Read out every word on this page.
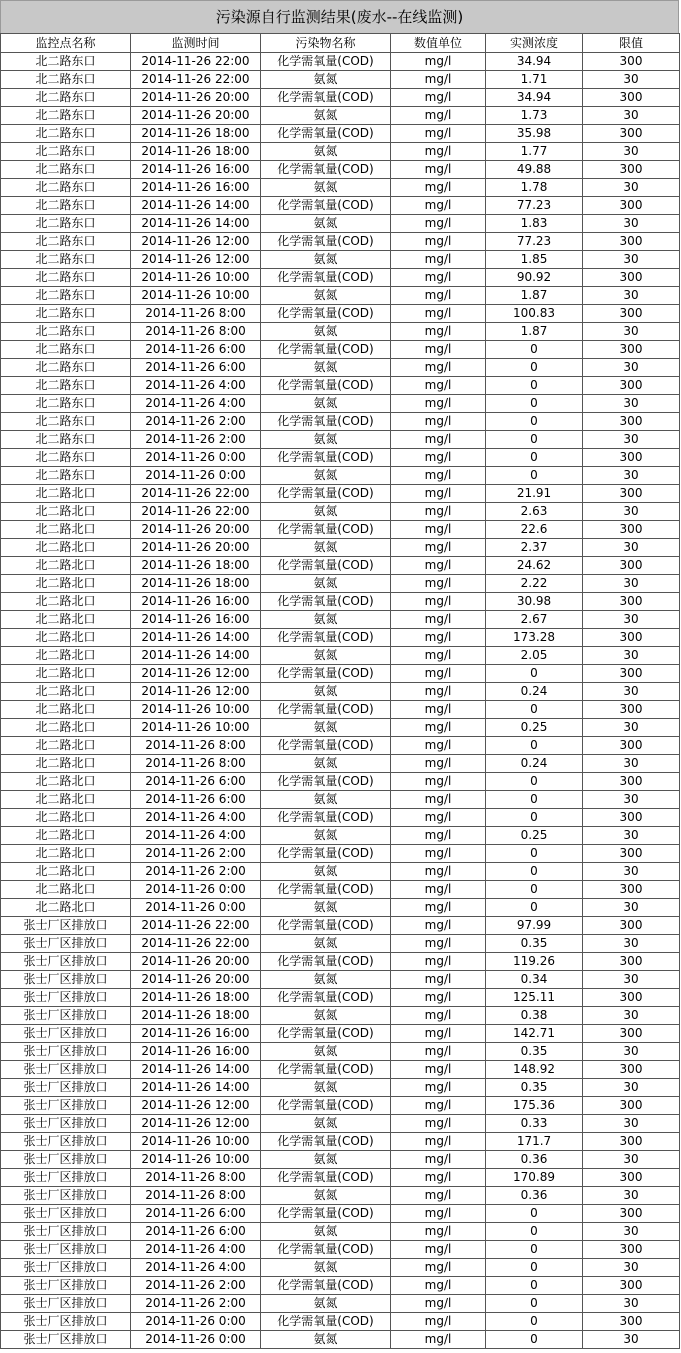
污染源自行监测结果(废水--在线监测)
监控点名称	监测时间	污染物名称	数值单位	实测浓度	限值
北二路东口	2014-11-26 22:00	化学需氧量(COD)	mg/l	34.94	300
北二路东口	2014-11-26 22:00	氨氮	mg/l	1.71	30
北二路东口	2014-11-26 20:00	化学需氧量(COD)	mg/l	34.94	300
北二路东口	2014-11-26 20:00	氨氮	mg/l	1.73	30
北二路东口	2014-11-26 18:00	化学需氧量(COD)	mg/l	35.98	300
北二路东口	2014-11-26 18:00	氨氮	mg/l	1.77	30
北二路东口	2014-11-26 16:00	化学需氧量(COD)	mg/l	49.88	300
北二路东口	2014-11-26 16:00	氨氮	mg/l	1.78	30
北二路东口	2014-11-26 14:00	化学需氧量(COD)	mg/l	77.23	300
北二路东口	2014-11-26 14:00	氨氮	mg/l	1.83	30
北二路东口	2014-11-26 12:00	化学需氧量(COD)	mg/l	77.23	300
北二路东口	2014-11-26 12:00	氨氮	mg/l	1.85	30
北二路东口	2014-11-26 10:00	化学需氧量(COD)	mg/l	90.92	300
北二路东口	2014-11-26 10:00	氨氮	mg/l	1.87	30
北二路东口	2014-11-26 8:00	化学需氧量(COD)	mg/l	100.83	300
北二路东口	2014-11-26 8:00	氨氮	mg/l	1.87	30
北二路东口	2014-11-26 6:00	化学需氧量(COD)	mg/l	0	300
北二路东口	2014-11-26 6:00	氨氮	mg/l	0	30
北二路东口	2014-11-26 4:00	化学需氧量(COD)	mg/l	0	300
北二路东口	2014-11-26 4:00	氨氮	mg/l	0	30
北二路东口	2014-11-26 2:00	化学需氧量(COD)	mg/l	0	300
北二路东口	2014-11-26 2:00	氨氮	mg/l	0	30
北二路东口	2014-11-26 0:00	化学需氧量(COD)	mg/l	0	300
北二路东口	2014-11-26 0:00	氨氮	mg/l	0	30
北二路北口	2014-11-26 22:00	化学需氧量(COD)	mg/l	21.91	300
北二路北口	2014-11-26 22:00	氨氮	mg/l	2.63	30
北二路北口	2014-11-26 20:00	化学需氧量(COD)	mg/l	22.6	300
北二路北口	2014-11-26 20:00	氨氮	mg/l	2.37	30
北二路北口	2014-11-26 18:00	化学需氧量(COD)	mg/l	24.62	300
北二路北口	2014-11-26 18:00	氨氮	mg/l	2.22	30
北二路北口	2014-11-26 16:00	化学需氧量(COD)	mg/l	30.98	300
北二路北口	2014-11-26 16:00	氨氮	mg/l	2.67	30
北二路北口	2014-11-26 14:00	化学需氧量(COD)	mg/l	173.28	300
北二路北口	2014-11-26 14:00	氨氮	mg/l	2.05	30
北二路北口	2014-11-26 12:00	化学需氧量(COD)	mg/l	0	300
北二路北口	2014-11-26 12:00	氨氮	mg/l	0.24	30
北二路北口	2014-11-26 10:00	化学需氧量(COD)	mg/l	0	300
北二路北口	2014-11-26 10:00	氨氮	mg/l	0.25	30
北二路北口	2014-11-26 8:00	化学需氧量(COD)	mg/l	0	300
北二路北口	2014-11-26 8:00	氨氮	mg/l	0.24	30
北二路北口	2014-11-26 6:00	化学需氧量(COD)	mg/l	0	300
北二路北口	2014-11-26 6:00	氨氮	mg/l	0	30
北二路北口	2014-11-26 4:00	化学需氧量(COD)	mg/l	0	300
北二路北口	2014-11-26 4:00	氨氮	mg/l	0.25	30
北二路北口	2014-11-26 2:00	化学需氧量(COD)	mg/l	0	300
北二路北口	2014-11-26 2:00	氨氮	mg/l	0	30
北二路北口	2014-11-26 0:00	化学需氧量(COD)	mg/l	0	300
北二路北口	2014-11-26 0:00	氨氮	mg/l	0	30
张士厂区排放口	2014-11-26 22:00	化学需氧量(COD)	mg/l	97.99	300
张士厂区排放口	2014-11-26 22:00	氨氮	mg/l	0.35	30
张士厂区排放口	2014-11-26 20:00	化学需氧量(COD)	mg/l	119.26	300
张士厂区排放口	2014-11-26 20:00	氨氮	mg/l	0.34	30
张士厂区排放口	2014-11-26 18:00	化学需氧量(COD)	mg/l	125.11	300
张士厂区排放口	2014-11-26 18:00	氨氮	mg/l	0.38	30
张士厂区排放口	2014-11-26 16:00	化学需氧量(COD)	mg/l	142.71	300
张士厂区排放口	2014-11-26 16:00	氨氮	mg/l	0.35	30
张士厂区排放口	2014-11-26 14:00	化学需氧量(COD)	mg/l	148.92	300
张士厂区排放口	2014-11-26 14:00	氨氮	mg/l	0.35	30
张士厂区排放口	2014-11-26 12:00	化学需氧量(COD)	mg/l	175.36	300
张士厂区排放口	2014-11-26 12:00	氨氮	mg/l	0.33	30
张士厂区排放口	2014-11-26 10:00	化学需氧量(COD)	mg/l	171.7	300
张士厂区排放口	2014-11-26 10:00	氨氮	mg/l	0.36	30
张士厂区排放口	2014-11-26 8:00	化学需氧量(COD)	mg/l	170.89	300
张士厂区排放口	2014-11-26 8:00	氨氮	mg/l	0.36	30
张士厂区排放口	2014-11-26 6:00	化学需氧量(COD)	mg/l	0	300
张士厂区排放口	2014-11-26 6:00	氨氮	mg/l	0	30
张士厂区排放口	2014-11-26 4:00	化学需氧量(COD)	mg/l	0	300
张士厂区排放口	2014-11-26 4:00	氨氮	mg/l	0	30
张士厂区排放口	2014-11-26 2:00	化学需氧量(COD)	mg/l	0	300
张士厂区排放口	2014-11-26 2:00	氨氮	mg/l	0	30
张士厂区排放口	2014-11-26 0:00	化学需氧量(COD)	mg/l	0	300
张士厂区排放口	2014-11-26 0:00	氨氮	mg/l	0	30
